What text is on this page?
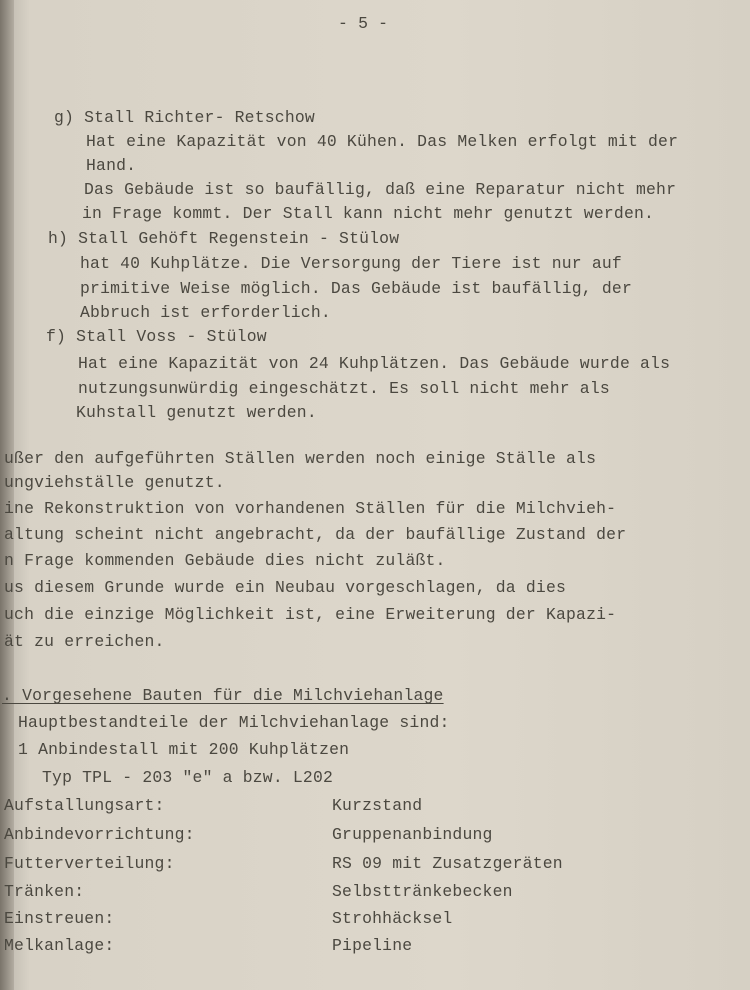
- 5 -
g) Stall Richter- Retschow
Hat eine Kapazität von 40 Kühen. Das Melken erfolgt mit der
Hand.
Das Gebäude ist so baufällig, daß eine Reparatur nicht mehr
in Frage kommt. Der Stall kann nicht mehr genutzt werden.
h) Stall Gehöft Regenstein - Stülow
hat 40 Kuhplätze. Die Versorgung der Tiere ist nur auf
primitive Weise möglich. Das Gebäude ist baufällig, der
Abbruch ist erforderlich.
f) Stall Voss - Stülow
Hat eine Kapazität von 24 Kuhplätzen. Das Gebäude wurde als
nutzungsunwürdig eingeschätzt. Es soll nicht mehr als
Kuhstall genutzt werden.
ußer den aufgeführten Ställen werden noch einige Ställe als
ungviehställe genutzt.
ine Rekonstruktion von vorhandenen Ställen für die Milchvieh-
altung scheint nicht angebracht, da der baufällige Zustand der
n Frage kommenden Gebäude dies nicht zuläßt.
us diesem Grunde wurde ein Neubau vorgeschlagen, da dies
uch die einzige Möglichkeit ist, eine Erweiterung der Kapazi-
ät zu erreichen.
. Vorgesehene Bauten für die Milchviehanlage
Hauptbestandteile der Milchviehanlage sind:
1 Anbindestall mit 200 Kuhplätzen
Typ TPL - 203 "e" a bzw. L202
Aufstallungsart:	Kurzstand
Anbindevorrichtung:	Gruppenanbindung
Futterverteilung:	RS 09 mit Zusatzgeräten
Tränken:	Selbsttränkebecken
Einstreuen:	Strohhäcksel
Melkanlage:	Pipeline
